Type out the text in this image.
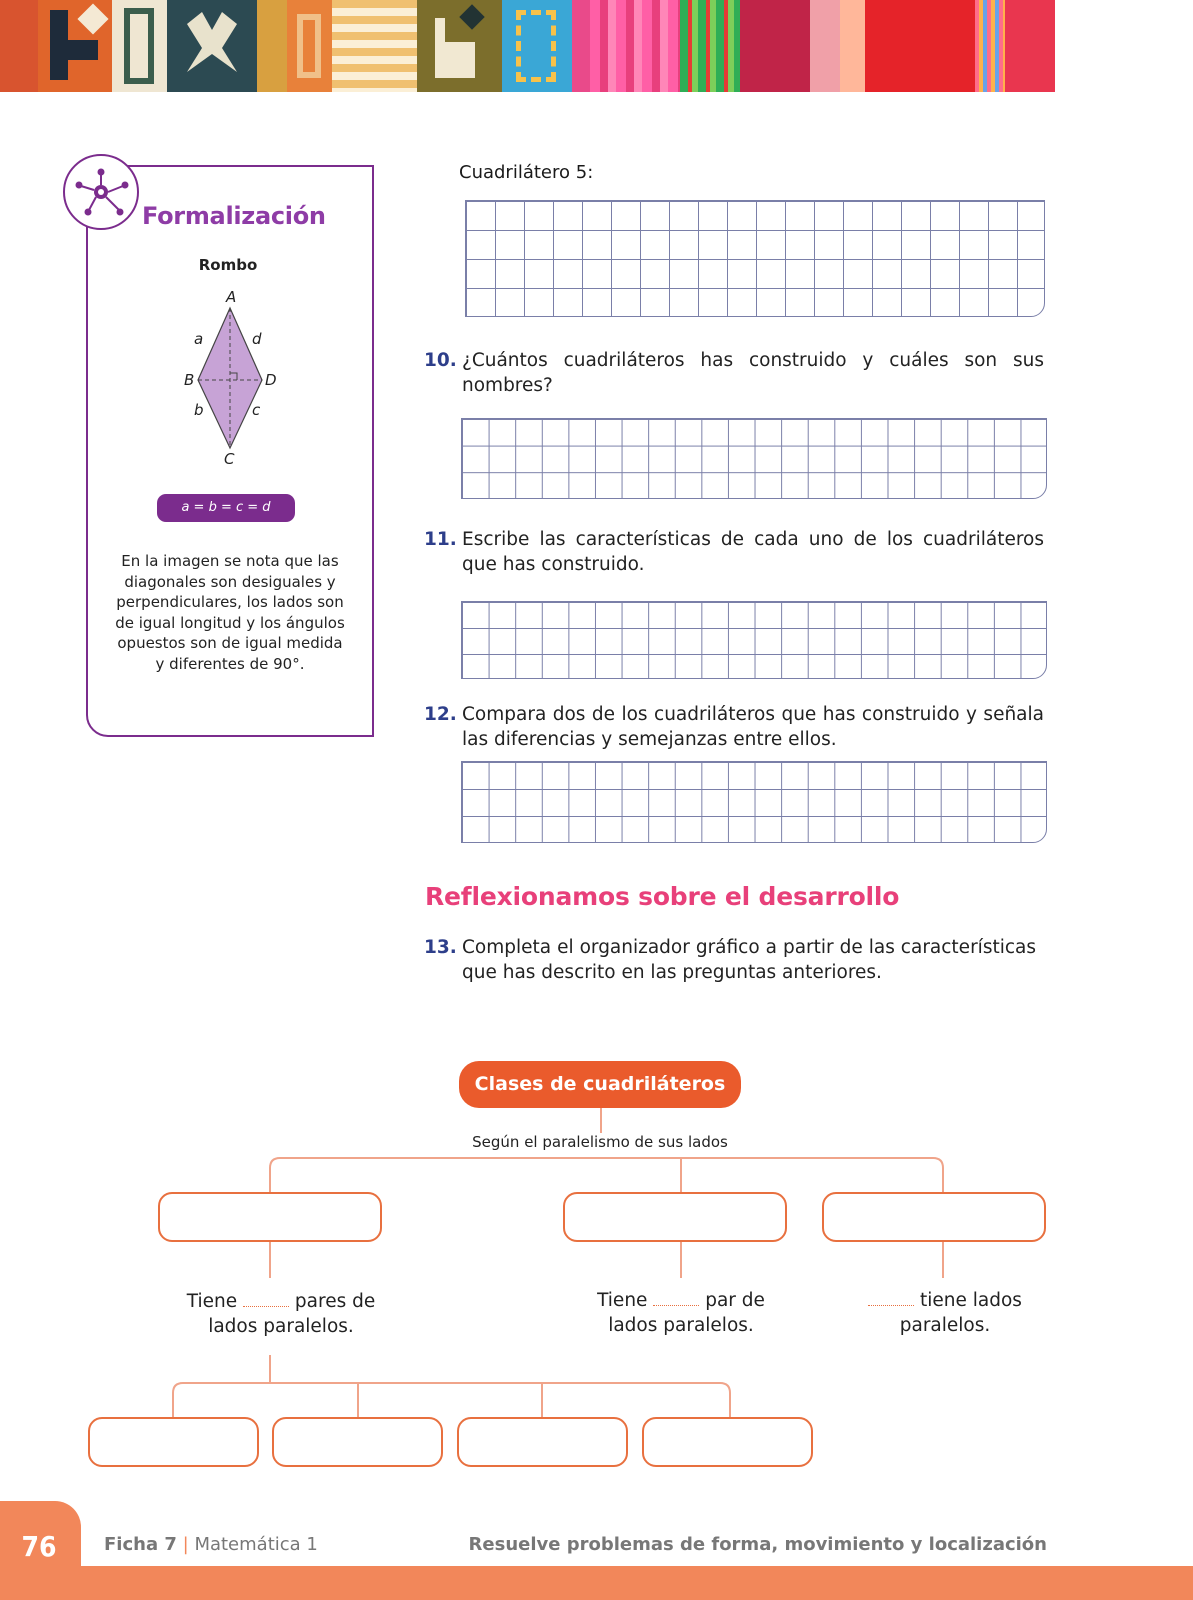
Formalización
Rombo
A
B	D
C
a	d
b	c
a = b = c = d
En la imagen se nota que las diagonales son desiguales y perpendiculares, los lados son de igual longitud y los ángulos opuestos son de igual medida y diferentes de 90°.
Cuadrilátero 5:
10. ¿Cuántos cuadriláteros has construido y cuáles son sus nombres?
11. Escribe las características de cada uno de los cuadriláteros que has construido.
12. Compara dos de los cuadriláteros que has construido y señala las diferencias y semejanzas entre ellos.
Reflexionamos sobre el desarrollo
13. Completa el organizador gráfico a partir de las características que has descrito en las preguntas anteriores.
Clases de cuadriláteros
Según el paralelismo de sus lados
Tiene	pares de
lados paralelos.
Tiene	par de
lados paralelos.
tiene lados
paralelos.
76	Ficha 7 | Matemática 1	Resuelve problemas de forma, movimiento y localización
